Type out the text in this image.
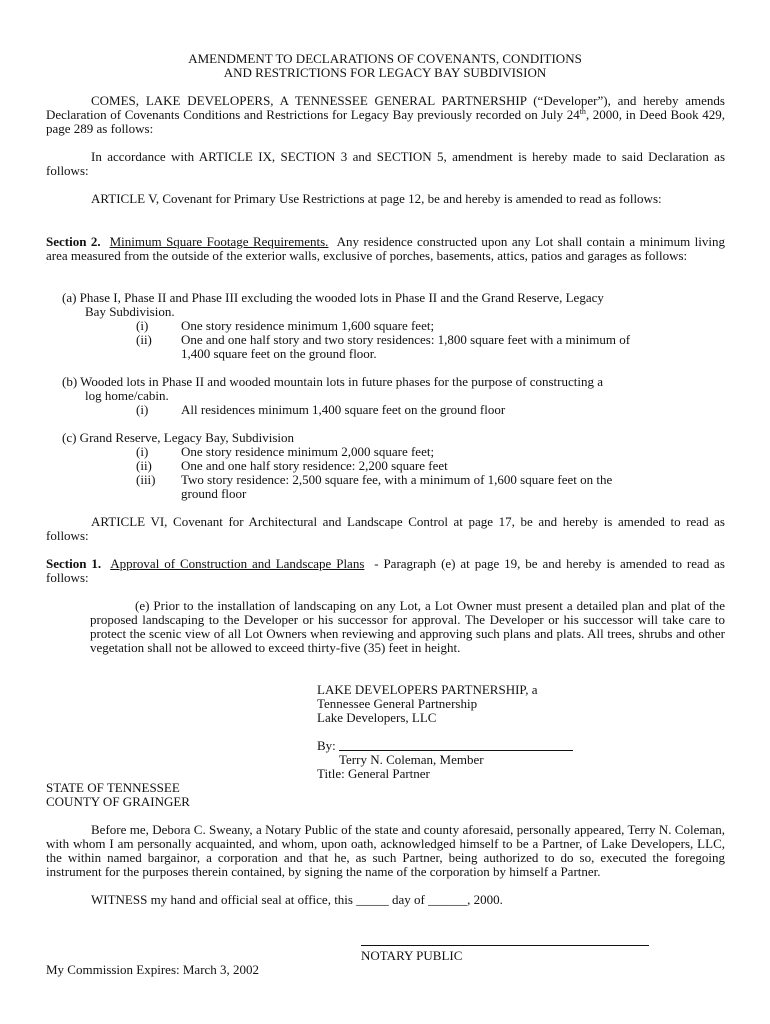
AMENDMENT TO DECLARATIONS OF COVENANTS, CONDITIONS
AND RESTRICTIONS FOR LEGACY BAY SUBDIVISION
COMES, LAKE DEVELOPERS, A TENNESSEE GENERAL PARTNERSHIP (“Developer”), and hereby amends Declaration of Covenants Conditions and Restrictions for Legacy Bay previously recorded on July 24th, 2000, in Deed Book 429, page 289 as follows:
In accordance with ARTICLE IX, SECTION 3 and SECTION 5, amendment is hereby made to said Declaration as follows:
ARTICLE V, Covenant for Primary Use Restrictions at page 12, be and hereby is amended to read as follows:
Section 2. Minimum Square Footage Requirements. Any residence constructed upon any Lot shall contain a minimum living area measured from the outside of the exterior walls, exclusive of porches, basements, attics, patios and garages as follows:
(a) Phase I, Phase II and Phase III excluding the wooded lots in Phase II and the Grand Reserve, Legacy
Bay Subdivision.
(i)	One story residence minimum 1,600 square feet;
(ii) One and one half story and two story residences: 1,800 square feet with a minimum of
1,400 square feet on the ground floor.
(b) Wooded lots in Phase II and wooded mountain lots in future phases for the purpose of constructing a
log home/cabin.
(i)	All residences minimum 1,400 square feet on the ground floor
(c) Grand Reserve, Legacy Bay, Subdivision
(i)	One story residence minimum 2,000 square feet;
(ii) One and one half story residence: 2,200 square feet
(iii) Two story residence: 2,500 square fee, with a minimum of 1,600 square feet on the
ground floor
ARTICLE VI, Covenant for Architectural and Landscape Control at page 17, be and hereby is amended to read as follows:
Section 1. Approval of Construction and Landscape Plans - Paragraph (e) at page 19, be and hereby is amended to read as follows:
(e) Prior to the installation of landscaping on any Lot, a Lot Owner must present a detailed plan and plat of the proposed landscaping to the Developer or his successor for approval. The Developer or his successor will take care to protect the scenic view of all Lot Owners when reviewing and approving such plans and plats. All trees, shrubs and other vegetation shall not be allowed to exceed thirty-five (35) feet in height.
LAKE DEVELOPERS PARTNERSHIP, a
Tennessee General Partnership
Lake Developers, LLC
By:
Terry N. Coleman, Member
Title: General Partner
STATE OF TENNESSEE
COUNTY OF GRAINGER
Before me, Debora C. Sweany, a Notary Public of the state and county aforesaid, personally appeared, Terry N. Coleman, with whom I am personally acquainted, and whom, upon oath, acknowledged himself to be a Partner, of Lake Developers, LLC, the within named bargainor, a corporation and that he, as such Partner, being authorized to do so, executed the foregoing instrument for the purposes therein contained, by signing the name of the corporation by himself a Partner.
WITNESS my hand and official seal at office, this _____ day of ______, 2000.
NOTARY PUBLIC
My Commission Expires: March 3, 2002
